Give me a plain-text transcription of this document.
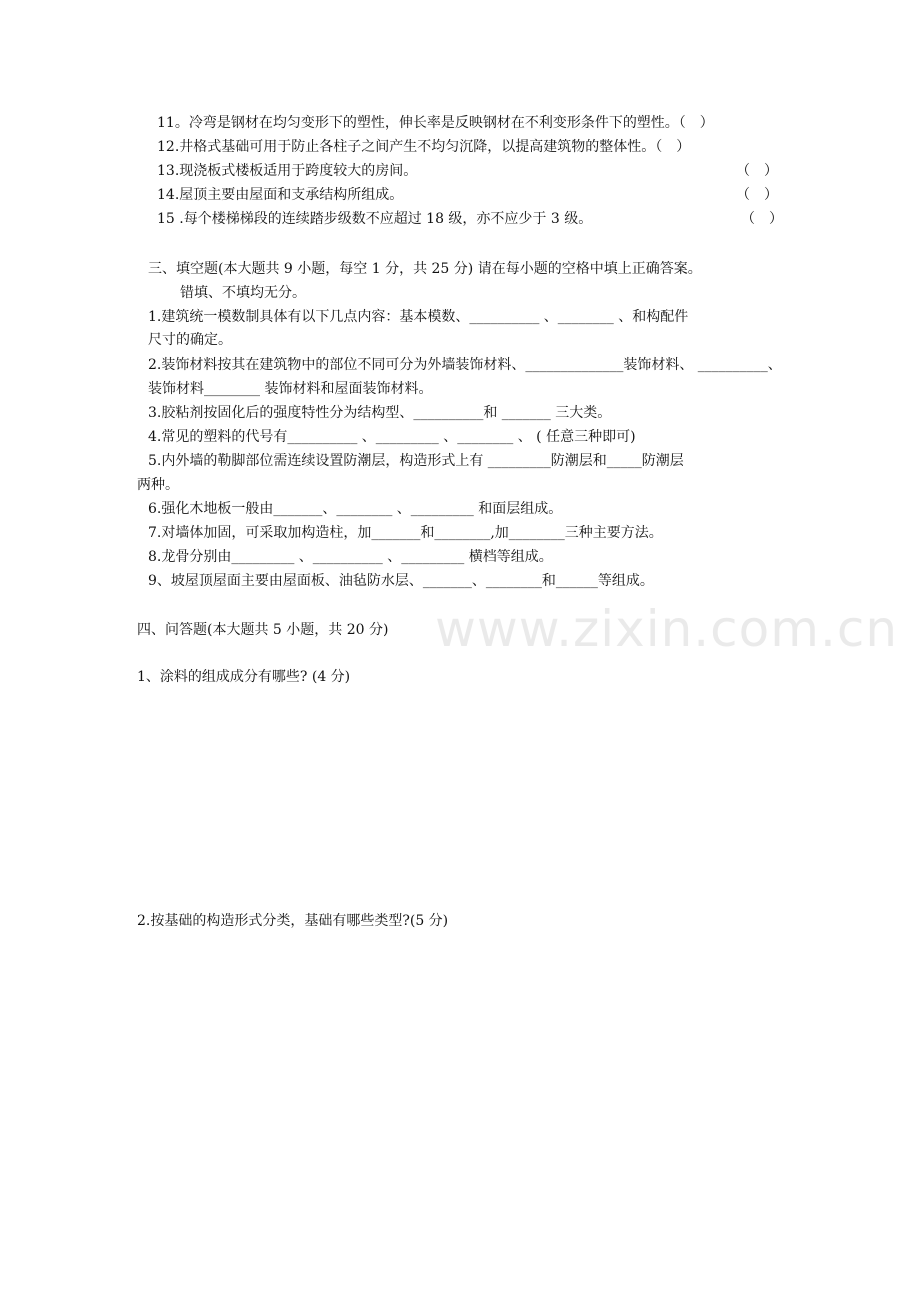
11。冷弯是钢材在均匀变形下的塑性，伸长率是反映钢材在不利变形条件下的塑性。（　）
12.井格式基础可用于防止各柱子之间产生不均匀沉降，以提高建筑物的整体性。（　）
13.现浇板式楼板适用于跨度较大的房间。	（　）
14.屋顶主要由屋面和支承结构所组成。	（　）
15 .每个楼梯梯段的连续踏步级数不应超过 18 级，亦不应少于 3 级。	（　）
三、填空题(本大题共 9 小题，每空 1 分，共 25 分) 请在每小题的空格中填上正确答案。
错填、不填均无分。
1.建筑统一模数制具体有以下几点内容：基本模数、__________ 、________ 、和构配件
尺寸的确定。
2.装饰材料按其在建筑物中的部位不同可分为外墙装饰材料、______________装饰材料、 __________、
装饰材料________ 装饰材料和屋面装饰材料。
3.胶粘剂按固化后的强度特性分为结构型、__________和 _______ 三大类。
4.常见的塑料的代号有__________ 、_________ 、________ 、 ( 任意三种即可)
5.内外墙的勒脚部位需连续设置防潮层，构造形式上有 _________防潮层和_____防潮层
两种。
6.强化木地板一般由_______、________ 、_________ 和面层组成。
7.对墙体加固，可采取加构造柱，加_______和________,加________三种主要方法。
8.龙骨分别由_________ 、__________ 、_________ 横档等组成。
9、坡屋顶屋面主要由屋面板、油毡防水层、_______、________和______等组成。
www.zixin.com.cn
四、问答题(本大题共 5 小题，共 20 分)
1、涂料的组成成分有哪些? (4 分)
2.按基础的构造形式分类，基础有哪些类型?(5 分)
